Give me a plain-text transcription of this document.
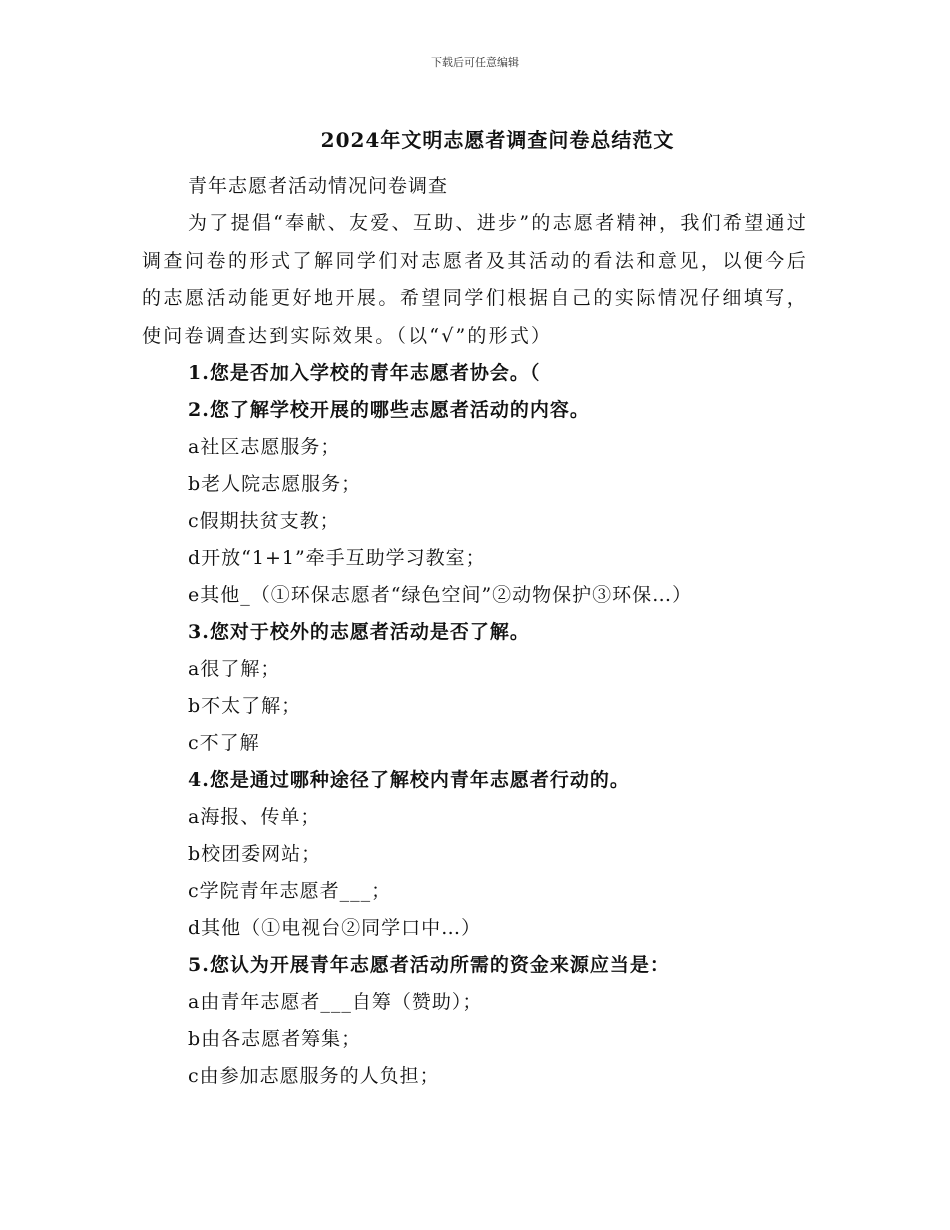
下载后可任意编辑
2024年文明志愿者调查问卷总结范文
青年志愿者活动情况问卷调查
为了提倡“奉献、友爱、互助、进步”的志愿者精神，我们希望通过调查问卷的形式了解同学们对志愿者及其活动的看法和意见，以便今后的志愿活动能更好地开展。希望同学们根据自己的实际情况仔细填写，使问卷调查达到实际效果。（以“√”的形式）
1.您是否加入学校的青年志愿者协会。（
2.您了解学校开展的哪些志愿者活动的内容。
a社区志愿服务；
b老人院志愿服务；
c假期扶贫支教；
d开放“1+1”牵手互助学习教室；
e其他_（①环保志愿者“绿色空间”②动物保护③环保…）
3.您对于校外的志愿者活动是否了解。
a很了解；
b不太了解；
c不了解
4.您是通过哪种途径了解校内青年志愿者行动的。
a海报、传单；
b校团委网站；
c学院青年志愿者___；
d其他（①电视台②同学口中…）
5.您认为开展青年志愿者活动所需的资金来源应当是：
a由青年志愿者___自筹（赞助）；
b由各志愿者筹集；
c由参加志愿服务的人负担；
